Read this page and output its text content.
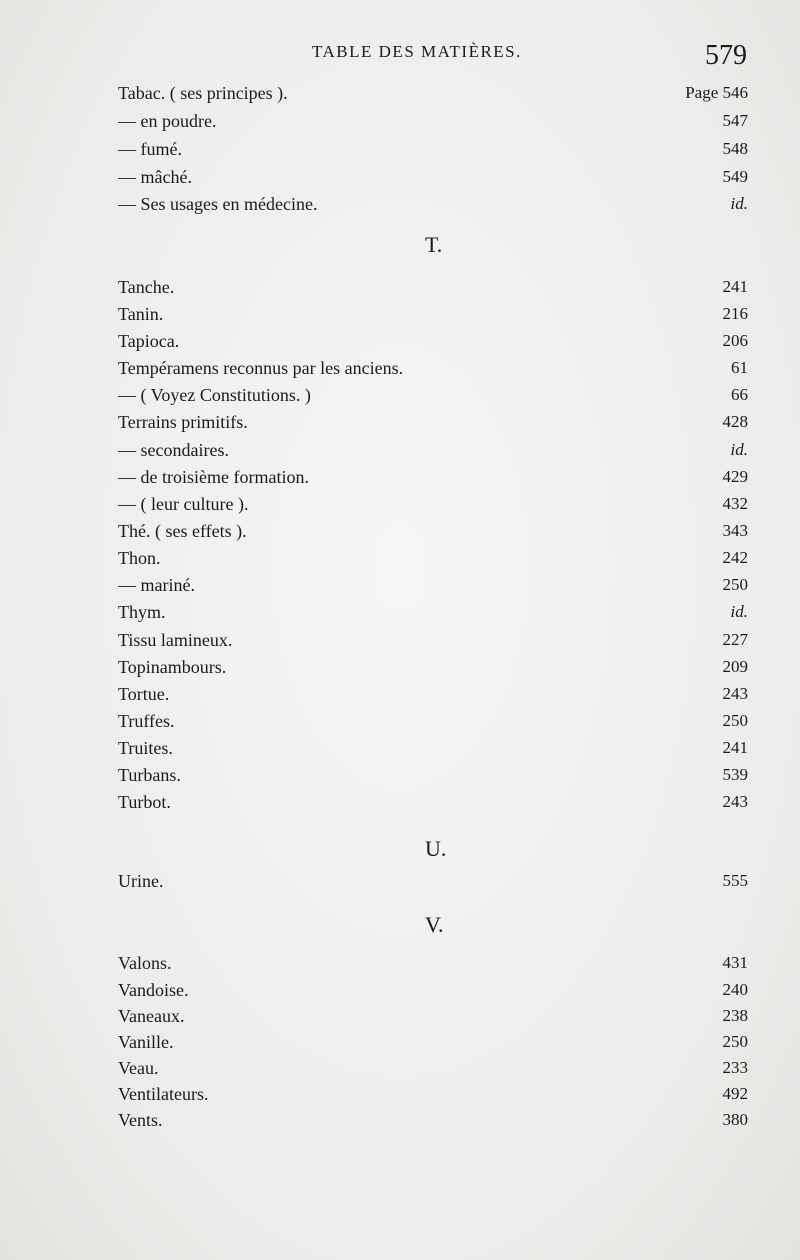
TABLE DES MATIÈRES.	579
Tabac. ( ses principes ).	Page 546
— en poudre.	547
— fumé.	548
— mâché.	549
— Ses usages en médecine.	id.
T.
Tanche.	241
Tanin.	216
Tapioca.	206
Tempéramens reconnus par les anciens.	61
— ( Voyez Constitutions. )	66
Terrains primitifs.	428
— secondaires.	id.
— de troisième formation.	429
— ( leur culture ).	432
Thé. ( ses effets ).	343
Thon.	242
— mariné.	250
Thym.	id.
Tissu lamineux.	227
Topinambours.	209
Tortue.	243
Truffes.	250
Truites.	241
Turbans.	539
Turbot.	243
U.
Urine.	555
V.
Valons.	431
Vandoise.	240
Vaneaux.	238
Vanille.	250
Veau.	233
Ventilateurs.	492
Vents.	380
